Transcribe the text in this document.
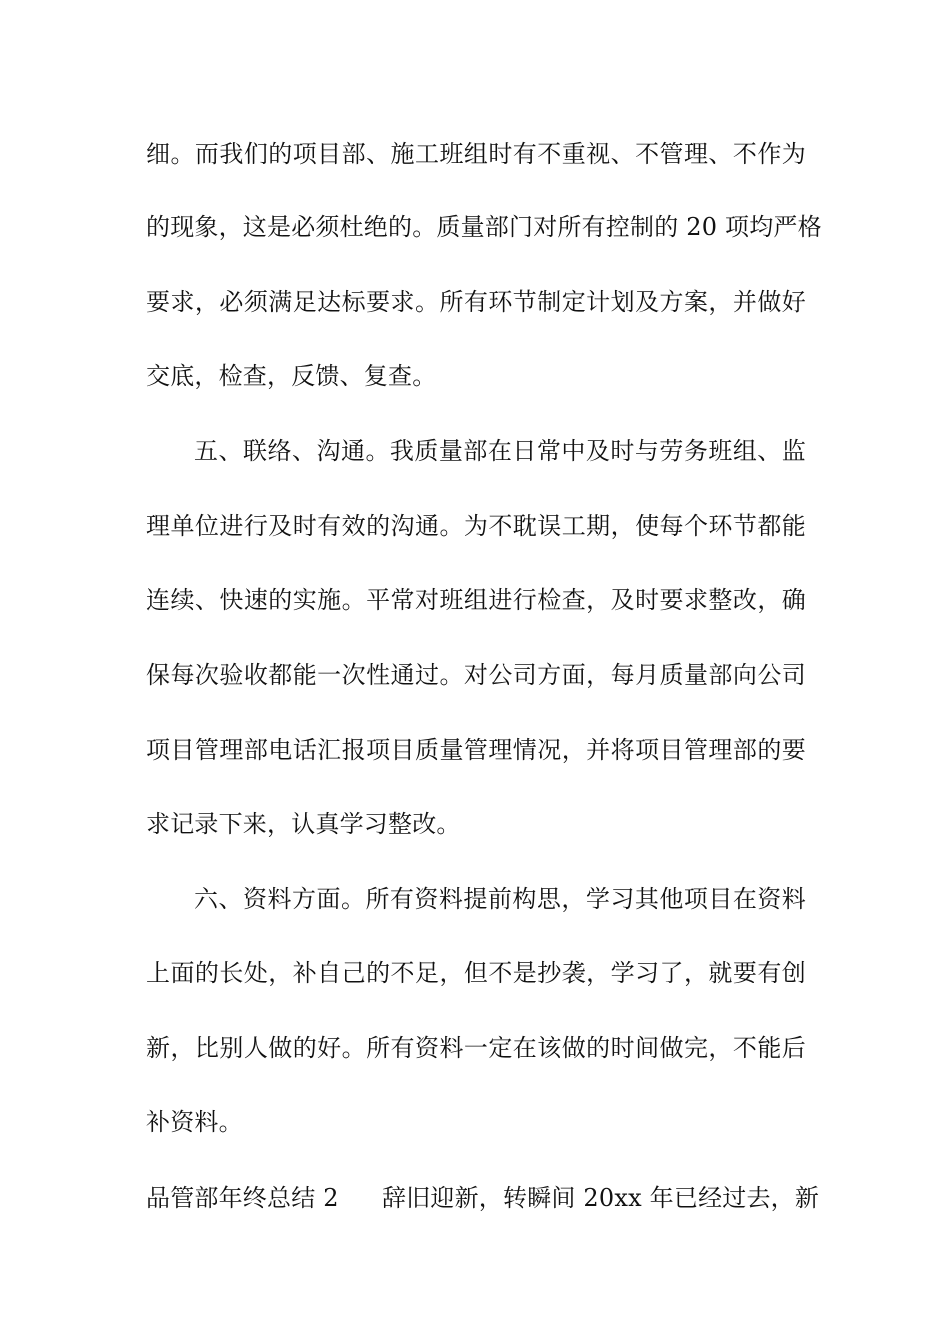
细。而我们的项目部、施工班组时有不重视、不管理、不作为
的现象，这是必须杜绝的。质量部门对所有控制的 20 项均严格
要求，必须满足达标要求。所有环节制定计划及方案，并做好
交底，检查，反馈、复查。
五、联络、沟通。我质量部在日常中及时与劳务班组、监
理单位进行及时有效的沟通。为不耽误工期，使每个环节都能
连续、快速的实施。平常对班组进行检查，及时要求整改，确
保每次验收都能一次性通过。对公司方面，每月质量部向公司
项目管理部电话汇报项目质量管理情况，并将项目管理部的要
求记录下来，认真学习整改。
六、资料方面。所有资料提前构思，学习其他项目在资料
上面的长处，补自己的不足，但不是抄袭，学习了，就要有创
新，比别人做的好。所有资料一定在该做的时间做完，不能后
补资料。
品管部年终总结 2	辞旧迎新，转瞬间 20xx 年已经过去，新
